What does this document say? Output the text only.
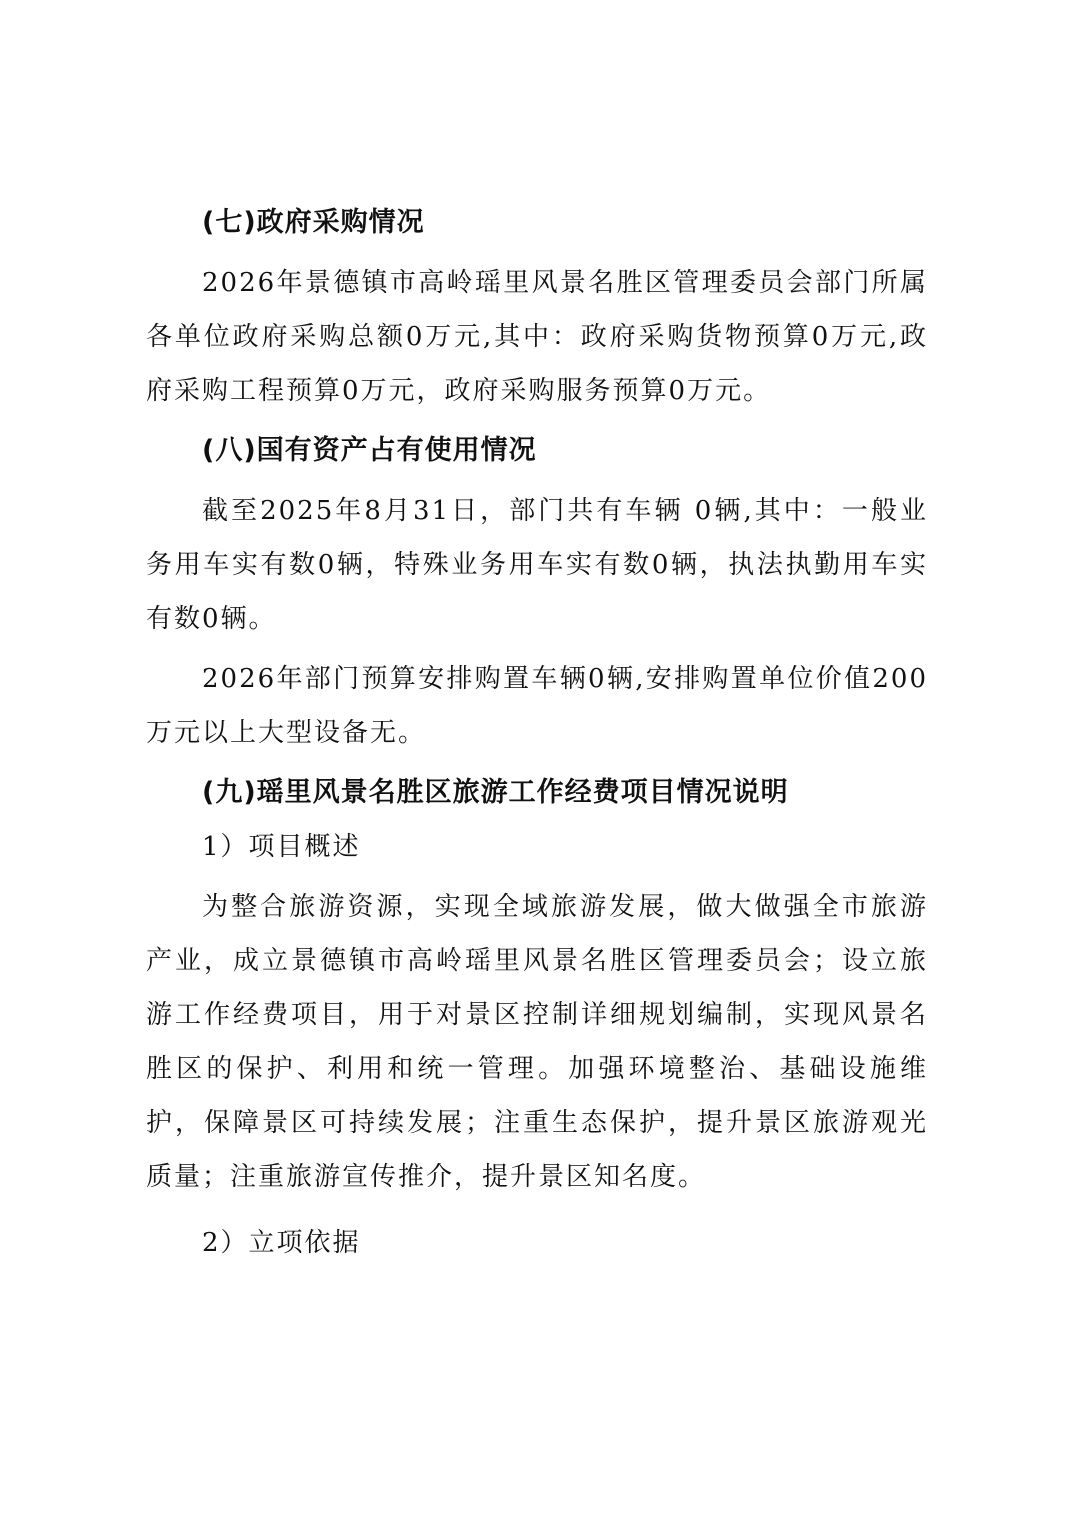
(七)政府采购情况

2026年景德镇市高岭瑶里风景名胜区管理委员会部门所属各单位政府采购总额0万元,其中：政府采购货物预算0万元,政府采购工程预算0万元，政府采购服务预算0万元。

(八)国有资产占有使用情况

截至2025年8月31日，部门共有车辆 0辆,其中：一般业务用车实有数0辆，特殊业务用车实有数0辆，执法执勤用车实有数0辆。

2026年部门预算安排购置车辆0辆,安排购置单位价值200万元以上大型设备无。

(九)瑶里风景名胜区旅游工作经费项目情况说明

1）项目概述

为整合旅游资源，实现全域旅游发展，做大做强全市旅游产业，成立景德镇市高岭瑶里风景名胜区管理委员会；设立旅游工作经费项目，用于对景区控制详细规划编制，实现风景名胜区的保护、利用和统一管理。加强环境整治、基础设施维护，保障景区可持续发展；注重生态保护，提升景区旅游观光质量；注重旅游宣传推介，提升景区知名度。

2）立项依据
